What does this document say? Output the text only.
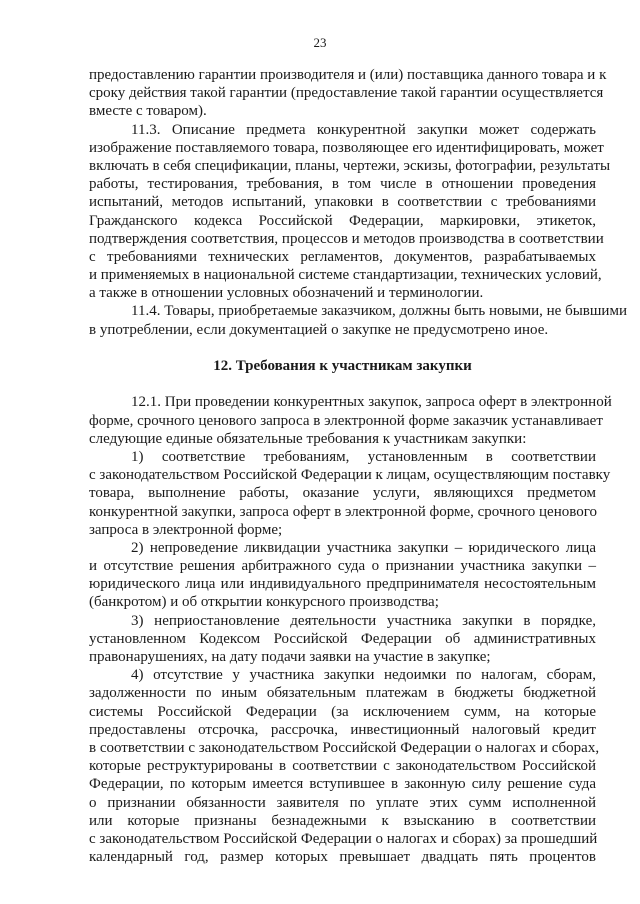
23
предоставлению гарантии производителя и (или) поставщика данного товара и к
сроку действия такой гарантии (предоставление такой гарантии осуществляется
вместе с товаром).
11.3. Описание предмета конкурентной закупки может содержать
изображение поставляемого товара, позволяющее его идентифицировать, может
включать в себя спецификации, планы, чертежи, эскизы, фотографии, результаты
работы, тестирования, требования, в том числе в отношении проведения
испытаний, методов испытаний, упаковки в соответствии с требованиями
Гражданского кодекса Российской Федерации, маркировки, этикеток,
подтверждения соответствия, процессов и методов производства в соответствии
с требованиями технических регламентов, документов, разрабатываемых
и применяемых в национальной системе стандартизации, технических условий,
а также в отношении условных обозначений и терминологии.
11.4. Товары, приобретаемые заказчиком, должны быть новыми, не бывшими
в употреблении, если документацией о закупке не предусмотрено иное.
12. Требования к участникам закупки
12.1. При проведении конкурентных закупок, запроса оферт в электронной
форме, срочного ценового запроса в электронной форме заказчик устанавливает
следующие единые обязательные требования к участникам закупки:
1) соответствие требованиям, установленным в соответствии
с законодательством Российской Федерации к лицам, осуществляющим поставку
товара, выполнение работы, оказание услуги, являющихся предметом
конкурентной закупки, запроса оферт в электронной форме, срочного ценового
запроса в электронной форме;
2) непроведение ликвидации участника закупки – юридического лица
и отсутствие решения арбитражного суда о признании участника закупки –
юридического лица или индивидуального предпринимателя несостоятельным
(банкротом) и об открытии конкурсного производства;
3) неприостановление деятельности участника закупки в порядке,
установленном Кодексом Российской Федерации об административных
правонарушениях, на дату подачи заявки на участие в закупке;
4) отсутствие у участника закупки недоимки по налогам, сборам,
задолженности по иным обязательным платежам в бюджеты бюджетной
системы Российской Федерации (за исключением сумм, на которые
предоставлены отсрочка, рассрочка, инвестиционный налоговый кредит
в соответствии с законодательством Российской Федерации о налогах и сборах,
которые реструктурированы в соответствии с законодательством Российской
Федерации, по которым имеется вступившее в законную силу решение суда
о признании обязанности заявителя по уплате этих сумм исполненной
или которые признаны безнадежными к взысканию в соответствии
с законодательством Российской Федерации о налогах и сборах) за прошедший
календарный год, размер которых превышает двадцать пять процентов
